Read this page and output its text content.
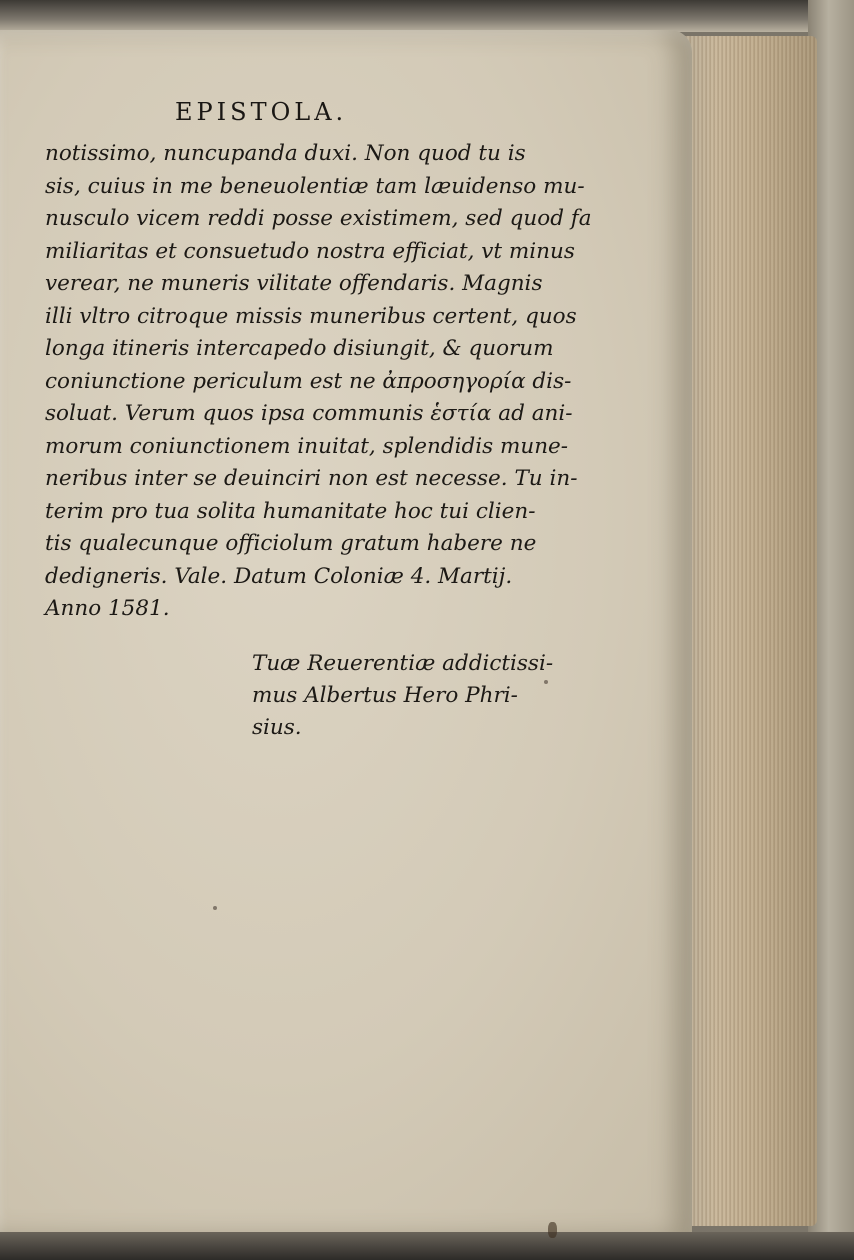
EPISTOLA.
notissimo, nuncupanda duxi. Non quod tu is
sis, cuius in me beneuolentiæ tam læuidenso mu-
nusculo vicem reddi posse existimem, sed quod fa
miliaritas et consuetudo nostra efficiat, vt minus
verear, ne muneris vilitate offendaris. Magnis
illi vltro citroque missis muneribus certent, quos
longa itineris intercapedo disiungit, & quorum
coniunctione periculum est ne ἀπροσηγορία dis-
soluat. Verum quos ipsa communis ἑστία ad ani-
morum coniunctionem inuitat, splendidis mune-
neribus inter se deuinciri non est necesse. Tu in-
terim pro tua solita humanitate hoc tui clien-
tis qualecunque officiolum gratum habere ne
dedigneris. Vale. Datum Coloniæ 4. Martij.
Anno 1581.
Tuæ Reuerentiæ addictissi-
mus Albertus Hero Phri-
sius.
